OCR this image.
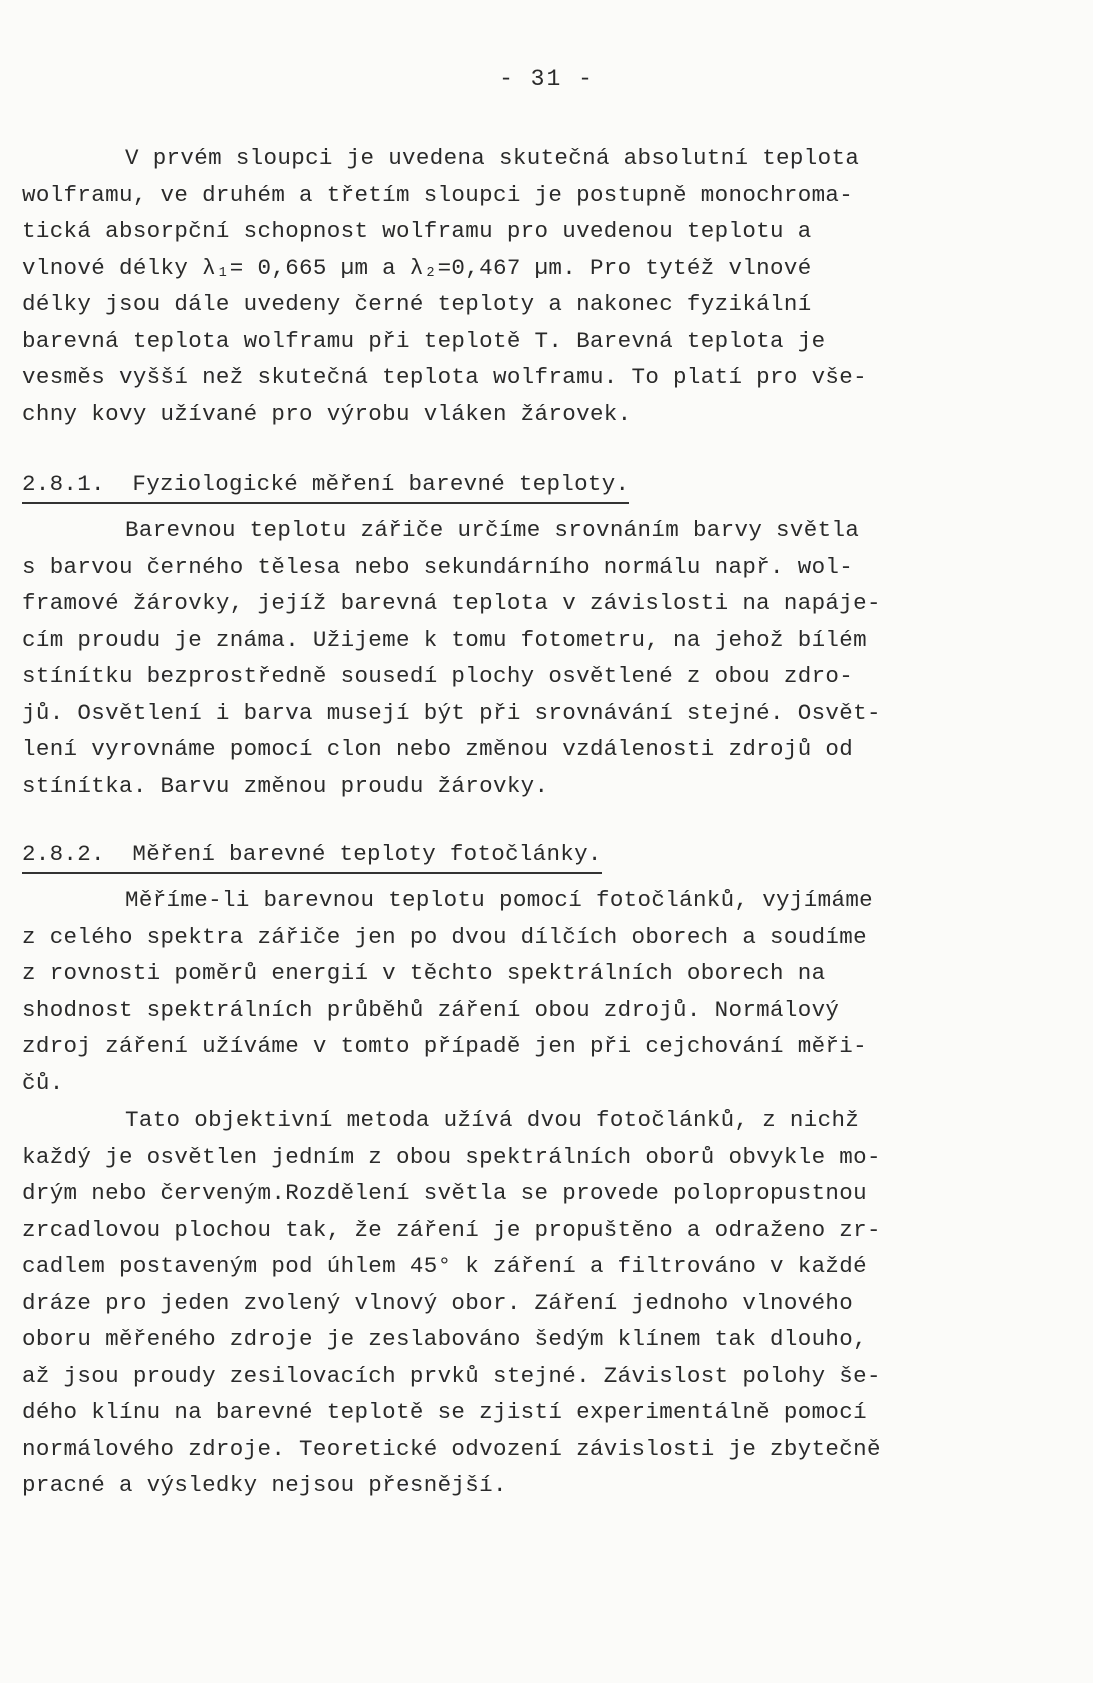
- 31 -
V prvém sloupci je uvedena skutečná absolutní teplota
wolframu, ve druhém a třetím sloupci je postupně monochroma-
tická absorpční schopnost wolframu pro uvedenou teplotu a
vlnové délky λ₁= 0,665 µm a λ₂=0,467 µm. Pro tytéž vlnové
délky jsou dále uvedeny černé teploty a nakonec fyzikální
barevná teplota wolframu při teplotě T. Barevná teplota je
vesměs vyšší než skutečná teplota wolframu. To platí pro vše-
chny kovy užívané pro výrobu vláken žárovek.
2.8.1.  Fyziologické měření barevné teploty.
Barevnou teplotu zářiče určíme srovnáním barvy světla
s barvou černého tělesa nebo sekundárního normálu např. wol-
framové žárovky, jejíž barevná teplota v závislosti na napáje-
cím proudu je známa. Užijeme k tomu fotometru, na jehož bílém
stínítku bezprostředně sousedí plochy osvětlené z obou zdro-
jů. Osvětlení i barva musejí být při srovnávání stejné. Osvět-
lení vyrovnáme pomocí clon nebo změnou vzdálenosti zdrojů od
stínítka. Barvu změnou proudu žárovky.
2.8.2.  Měření barevné teploty fotočlánky.
Měříme-li barevnou teplotu pomocí fotočlánků, vyjímáme
z celého spektra zářiče jen po dvou dílčích oborech a soudíme
z rovnosti poměrů energií v těchto spektrálních oborech na
shodnost spektrálních průběhů záření obou zdrojů. Normálový
zdroj záření užíváme v tomto případě jen při cejchování měři-
čů.
Tato objektivní metoda užívá dvou fotočlánků, z nichž
každý je osvětlen jedním z obou spektrálních oborů obvykle mo-
drým nebo červeným.Rozdělení světla se provede polopropustnou
zrcadlovou plochou tak, že záření je propuštěno a odraženo zr-
cadlem postaveným pod úhlem 45° k záření a filtrováno v každé
dráze pro jeden zvolený vlnový obor. Záření jednoho vlnového
oboru měřeného zdroje je zeslabováno šedým klínem tak dlouho,
až jsou proudy zesilovacích prvků stejné. Závislost polohy še-
dého klínu na barevné teplotě se zjistí experimentálně pomocí
normálového zdroje. Teoretické odvození závislosti je zbytečně
pracné a výsledky nejsou přesnější.
